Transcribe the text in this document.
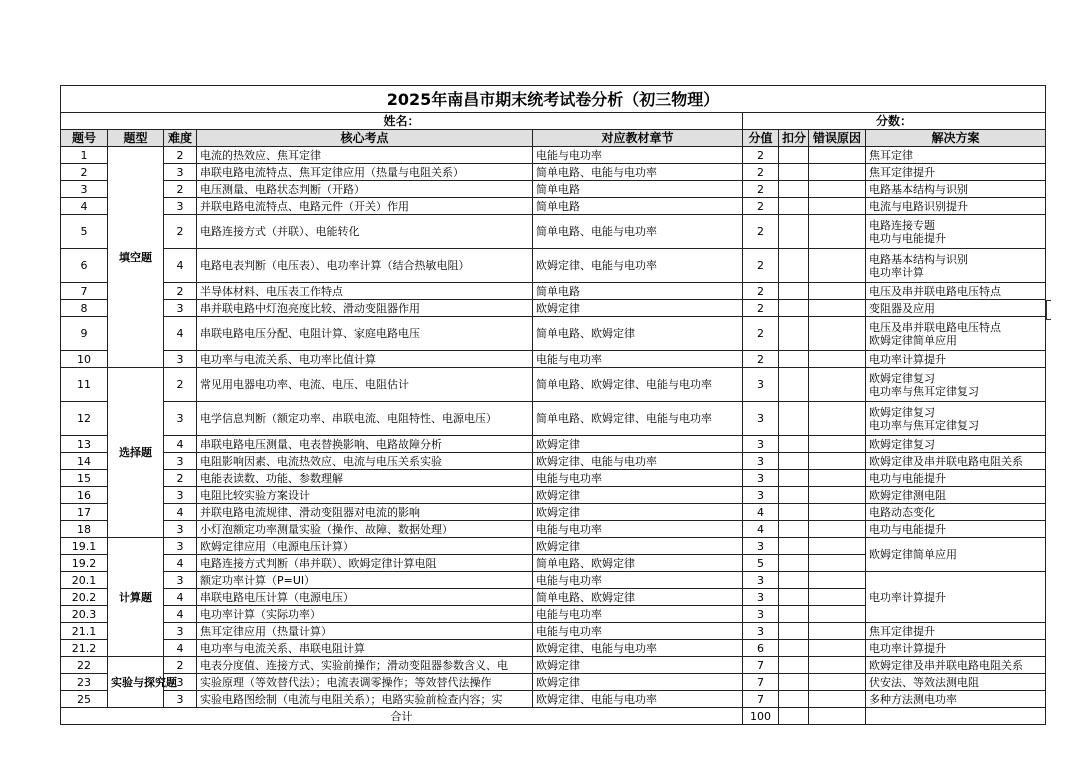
2025年南昌市期末统考试卷分析（初三物理）								
姓名：					分数：			
题号	题型	难度	核心考点	对应教材章节	分值	扣分	错误原因	解决方案
1	填空题	2	电流的热效应、焦耳定律	电能与电功率	2			焦耳定律

2		3	串联电路电流特点、焦耳定律应用（热量与电阻关系）	简单电路、电能与电功率	2			焦耳定律提升

3		2	电压测量、电路状态判断（开路）	简单电路	2			电路基本结构与识别

4		3	并联电路电流特点、电路元件（开关）作用	简单电路	2			电流与电路识别提升

5		2	电路连接方式（并联）、电能转化	简单电路、电能与电功率	2			电路连接专题
电功与电能提升

6		4	电路电表判断（电压表）、电功率计算（结合热敏电阻）	欧姆定律、电能与电功率	2			电路基本结构与识别
电功率计算

7		2	半导体材料、电压表工作特点	简单电路	2			电压及串并联电路电压特点

8		3	串并联电路中灯泡亮度比较、滑动变阻器作用	欧姆定律	2			变阻器及应用

9		4	串联电路电压分配、电阻计算、家庭电路电压	简单电路、欧姆定律	2			电压及串并联电路电压特点
欧姆定律简单应用

10		3	电功率与电流关系、电功率比值计算	电能与电功率	2			电功率计算提升

11	选择题	2	常见用电器电功率、电流、电压、电阻估计	简单电路、欧姆定律、电能与电功率	3			欧姆定律复习
电功率与焦耳定律复习

12		3	电学信息判断（额定功率、串联电流、电阻特性、电源电压）	简单电路、欧姆定律、电能与电功率	3			欧姆定律复习
电功率与焦耳定律复习

13		4	串联电路电压测量、电表替换影响、电路故障分析	欧姆定律	3			欧姆定律复习

14		3	电阻影响因素、电流热效应、电流与电压关系实验	欧姆定律、电能与电功率	3			欧姆定律及串并联电路电阻关系

15		2	电能表读数、功能、参数理解	电能与电功率	3			电功与电能提升

16		3	电阻比较实验方案设计	欧姆定律	3			欧姆定律测电阻

17		4	并联电路电流规律、滑动变阻器对电流的影响	欧姆定律	4			电路动态变化

18		3	小灯泡额定功率测量实验（操作、故障、数据处理）	电能与电功率	4			电功与电能提升

19.1	计算题	3	欧姆定律应用（电源电压计算）	欧姆定律	3			欧姆定律简单应用

19.2		4	电路连接方式判断（串并联）、欧姆定律计算电阻	简单电路、欧姆定律	5			
20.1		3	额定功率计算（P=UI）	电能与电功率	3			电功率计算提升

20.2		4	串联电路电压计算（电源电压）	简单电路、欧姆定律	3			
20.3		4	电功率计算（实际功率）	电能与电功率	3			
21.1		3	焦耳定律应用（热量计算）	电能与电功率	3			焦耳定律提升

21.2		4	电功率与电流关系、串联电阻计算	欧姆定律、电能与电功率	6			电功率计算提升

22	实验与探究题	2	电表分度值、连接方式、实验前操作；滑动变阻器参数含义、电	欧姆定律	7			欧姆定律及串并联电路电阻关系

23		3	实验原理（等效替代法）；电流表调零操作；等效替代法操作	欧姆定律	7			伏安法、等效法测电阻

25		3	实验电路图绘制（电流与电阻关系）；电路实验前检查内容；实	欧姆定律、电能与电功率	7			多种方法测电功率

合计					100			
